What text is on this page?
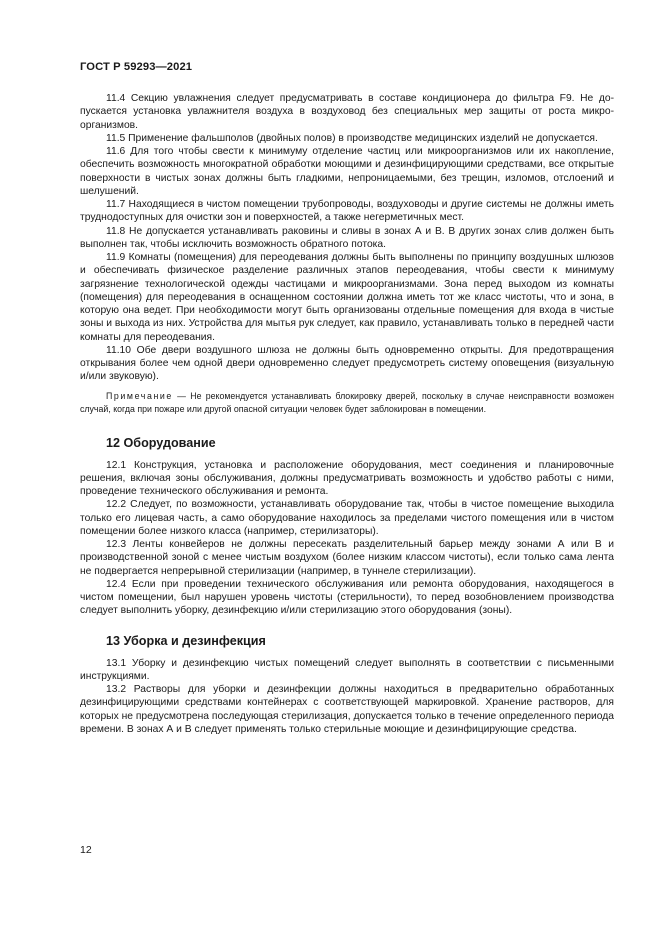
ГОСТ Р 59293—2021

11.4 Секцию увлажнения следует предусматривать в составе кондиционера до фильтра F9. Не допускается установка увлажнителя воздуха в воздуховод без специальных мер защиты от роста микроорганизмов.

11.5 Применение фальшполов (двойных полов) в производстве медицинских изделий не допускается.

11.6 Для того чтобы свести к минимуму отделение частиц или микроорганизмов или их накопление, обеспечить возможность многократной обработки моющими и дезинфицирующими средствами, все открытые поверхности в чистых зонах должны быть гладкими, непроницаемыми, без трещин, изломов, отслоений и шелушений.

11.7 Находящиеся в чистом помещении трубопроводы, воздуховоды и другие системы не должны иметь труднодоступных для очистки зон и поверхностей, а также негерметичных мест.

11.8 Не допускается устанавливать раковины и сливы в зонах А и В. В других зонах слив должен быть выполнен так, чтобы исключить возможность обратного потока.

11.9 Комнаты (помещения) для переодевания должны быть выполнены по принципу воздушных шлюзов и обеспечивать физическое разделение различных этапов переодевания, чтобы свести к минимуму загрязнение технологической одежды частицами и микроорганизмами. Зона перед выходом из комнаты (помещения) для переодевания в оснащенном состоянии должна иметь тот же класс чистоты, что и зона, в которую она ведет. При необходимости могут быть организованы отдельные помещения для входа в чистые зоны и выхода из них. Устройства для мытья рук следует, как правило, устанавливать только в передней части комнаты для переодевания.

11.10 Обе двери воздушного шлюза не должны быть одновременно открыты. Для предотвращения открывания более чем одной двери одновременно следует предусмотреть систему оповещения (визуальную и/или звуковую).

Примечание — Не рекомендуется устанавливать блокировку дверей, поскольку в случае неисправности возможен случай, когда при пожаре или другой опасной ситуации человек будет заблокирован в помещении.

12 Оборудование

12.1 Конструкция, установка и расположение оборудования, мест соединения и планировочные решения, включая зоны обслуживания, должны предусматривать возможность и удобство работы с ними, проведение технического обслуживания и ремонта.

12.2 Следует, по возможности, устанавливать оборудование так, чтобы в чистое помещение выходила только его лицевая часть, а само оборудование находилось за пределами чистого помещения или в чистом помещении более низкого класса (например, стерилизаторы).

12.3 Ленты конвейеров не должны пересекать разделительный барьер между зонами А или В и производственной зоной с менее чистым воздухом (более низким классом чистоты), если только сама лента не подвергается непрерывной стерилизации (например, в туннеле стерилизации).

12.4 Если при проведении технического обслуживания или ремонта оборудования, находящегося в чистом помещении, был нарушен уровень чистоты (стерильности), то перед возобновлением производства следует выполнить уборку, дезинфекцию и/или стерилизацию этого оборудования (зоны).

13 Уборка и дезинфекция

13.1 Уборку и дезинфекцию чистых помещений следует выполнять в соответствии с письменными инструкциями.

13.2 Растворы для уборки и дезинфекции должны находиться в предварительно обработанных дезинфицирующими средствами контейнерах с соответствующей маркировкой. Хранение растворов, для которых не предусмотрена последующая стерилизация, допускается только в течение определенного периода времени. В зонах А и В следует применять только стерильные моющие и дезинфицирующие средства.

12
